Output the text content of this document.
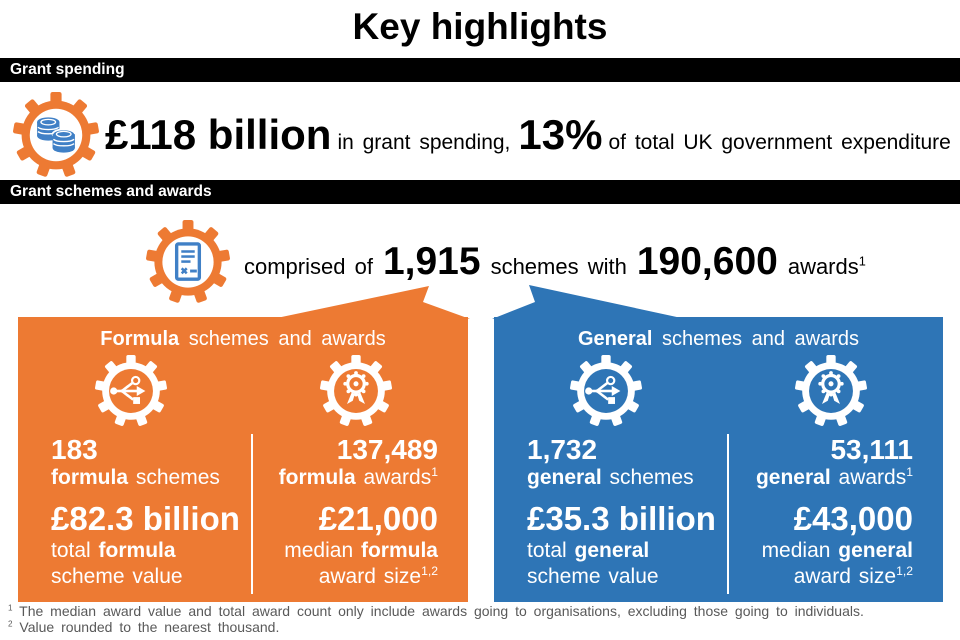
Key highlights
Grant spending
£118 billion in grant spending, 13% of total UK government expenditure
Grant schemes and awards
comprised of 1,915 schemes with 190,600 awards$^1$
Formula schemes and awards
183
formula schemes
£82.3 billion
total formula
scheme value
137,489
formula awards$^1$
£21,000
median formula
award size$^{1,2}$
General schemes and awards
1,732
general schemes
£35.3 billion
total general
scheme value
53,111
general awards$^1$
£43,000
median general
award size$^{1,2}$
$^1$ The median award value and total award count only include awards going to organisations, excluding those going to individuals.
$^2$ Value rounded to the nearest thousand.
